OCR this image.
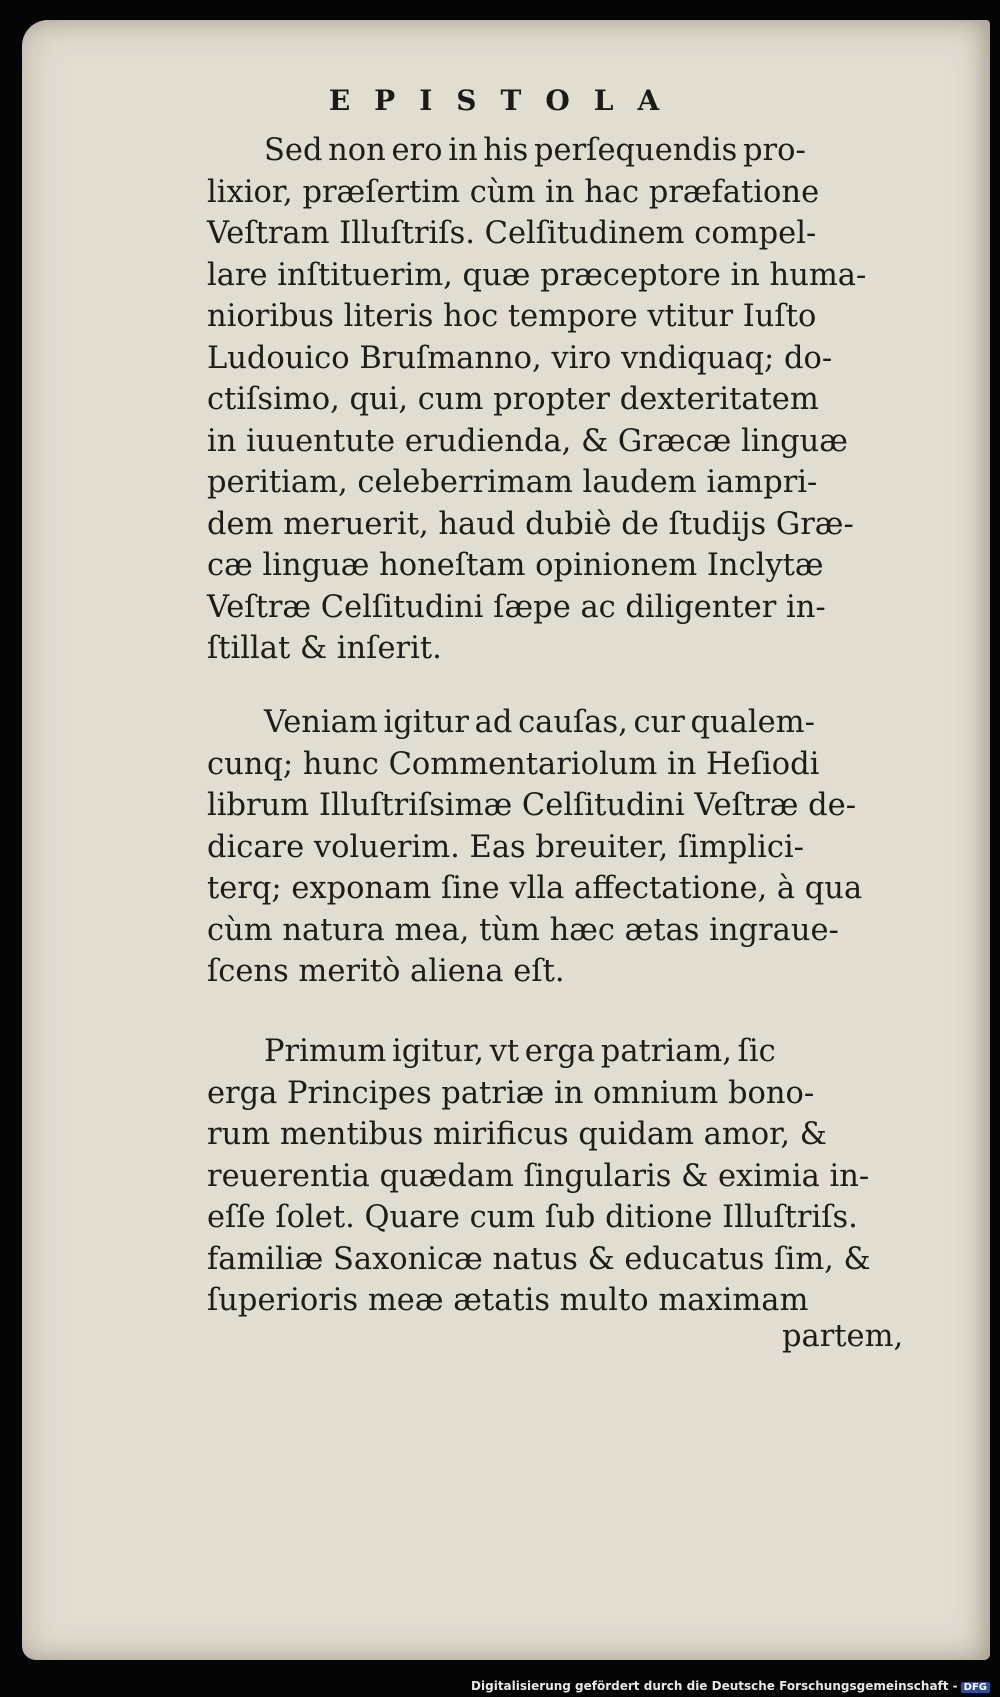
EPISTOLA
Sed non ero in his perſequendis pro-
lixior, præſertim cùm in hac præfatione
Veſtram Illuſtriſs. Celſitudinem compel-
lare inſtituerim, quæ præceptore in huma-
nioribus literis hoc tempore vtitur Iuſto
Ludouico Bruſmanno, viro vndiquaq; do-
ctiſsimo, qui, cum propter dexteritatem
in iuuentute erudienda, & Græcæ linguæ
peritiam, celeberrimam laudem iampri-
dem meruerit, haud dubiè de ſtudijs Græ-
cæ linguæ honeſtam opinionem Inclytæ
Veſtræ Celſitudini ſæpe ac diligenter in-
ſtillat & inſerit.
Veniam igitur ad cauſas, cur qualem-
cunq; hunc Commentariolum in Heſiodi
librum Illuſtriſsimæ Celſitudini Veſtræ de-
dicare voluerim. Eas breuiter, ſimplici-
terq; exponam ſine vlla affectatione, à qua
cùm natura mea, tùm hæc ætas ingraue-
ſcens meritò aliena eſt.
Primum igitur, vt erga patriam, ſic
erga Principes patriæ in omnium bono-
rum mentibus mirificus quidam amor, &
reuerentia quædam ſingularis & eximia in-
eſſe ſolet. Quare cum ſub ditione Illuſtriſs.
familiæ Saxonicæ natus & educatus ſim, &
ſuperioris meæ ætatis multo maximam
partem,
Digitalisierung gefördert durch die Deutsche Forschungsgemeinschaft - DFG
